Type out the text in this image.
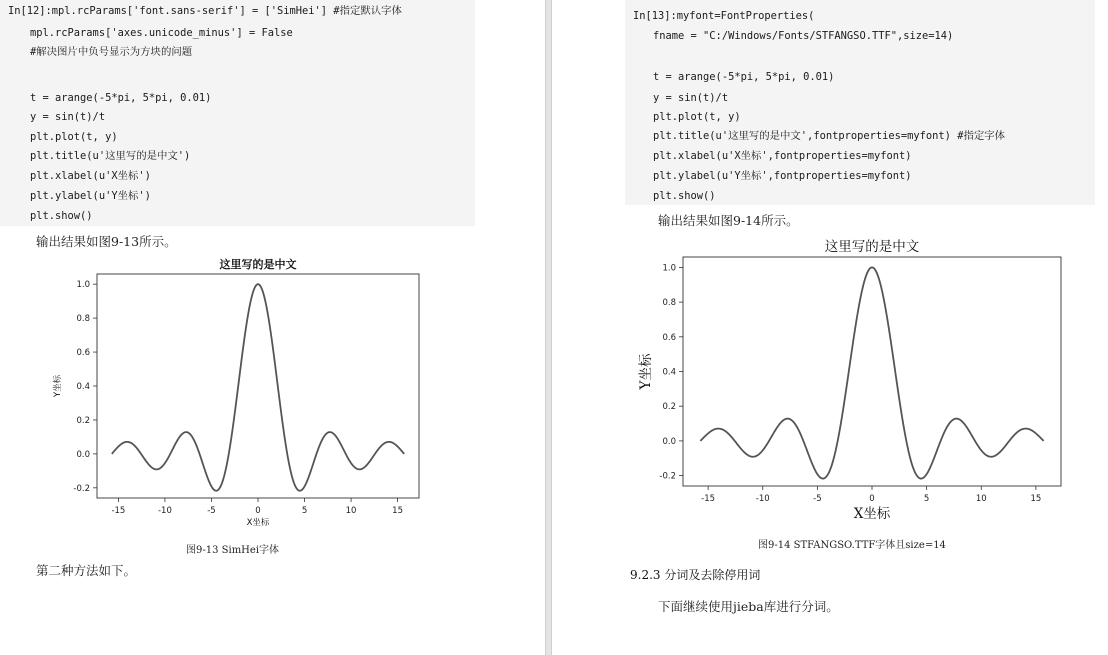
In[12]:mpl.rcParams['font.sans-serif'] = ['SimHei'] #指定默认字体
mpl.rcParams['axes.unicode_minus'] = False
#解决图片中负号显示为方块的问题
t = arange(-5*pi, 5*pi, 0.01)
y = sin(t)/t
plt.plot(t, y)
plt.title(u'这里写的是中文')
plt.xlabel(u'X坐标')
plt.ylabel(u'Y坐标')
plt.show()
输出结果如图9-13所示。
-15	-10	-5	0	5	10	15
-0.2
0.0
0.2
0.4
0.6
0.8
1.0
这里写的是中文
X坐标
Y坐标
图9-13 SimHei字体
第二种方法如下。
In[13]:myfont=FontProperties(
fname = "C:/Windows/Fonts/STFANGSO.TTF",size=14)
t = arange(-5*pi, 5*pi, 0.01)
y = sin(t)/t
plt.plot(t, y)
plt.title(u'这里写的是中文',fontproperties=myfont) #指定字体
plt.xlabel(u'X坐标',fontproperties=myfont)
plt.ylabel(u'Y坐标',fontproperties=myfont)
plt.show()
输出结果如图9-14所示。
-15	-10	-5	0	5	10	15
-0.2
0.0
0.2
0.4
0.6
0.8
1.0
这里写的是中文
X坐标
Y坐标
图9-14 STFANGSO.TTF字体且size=14
9.2.3 分词及去除停用词
下面继续使用jieba库进行分词。
